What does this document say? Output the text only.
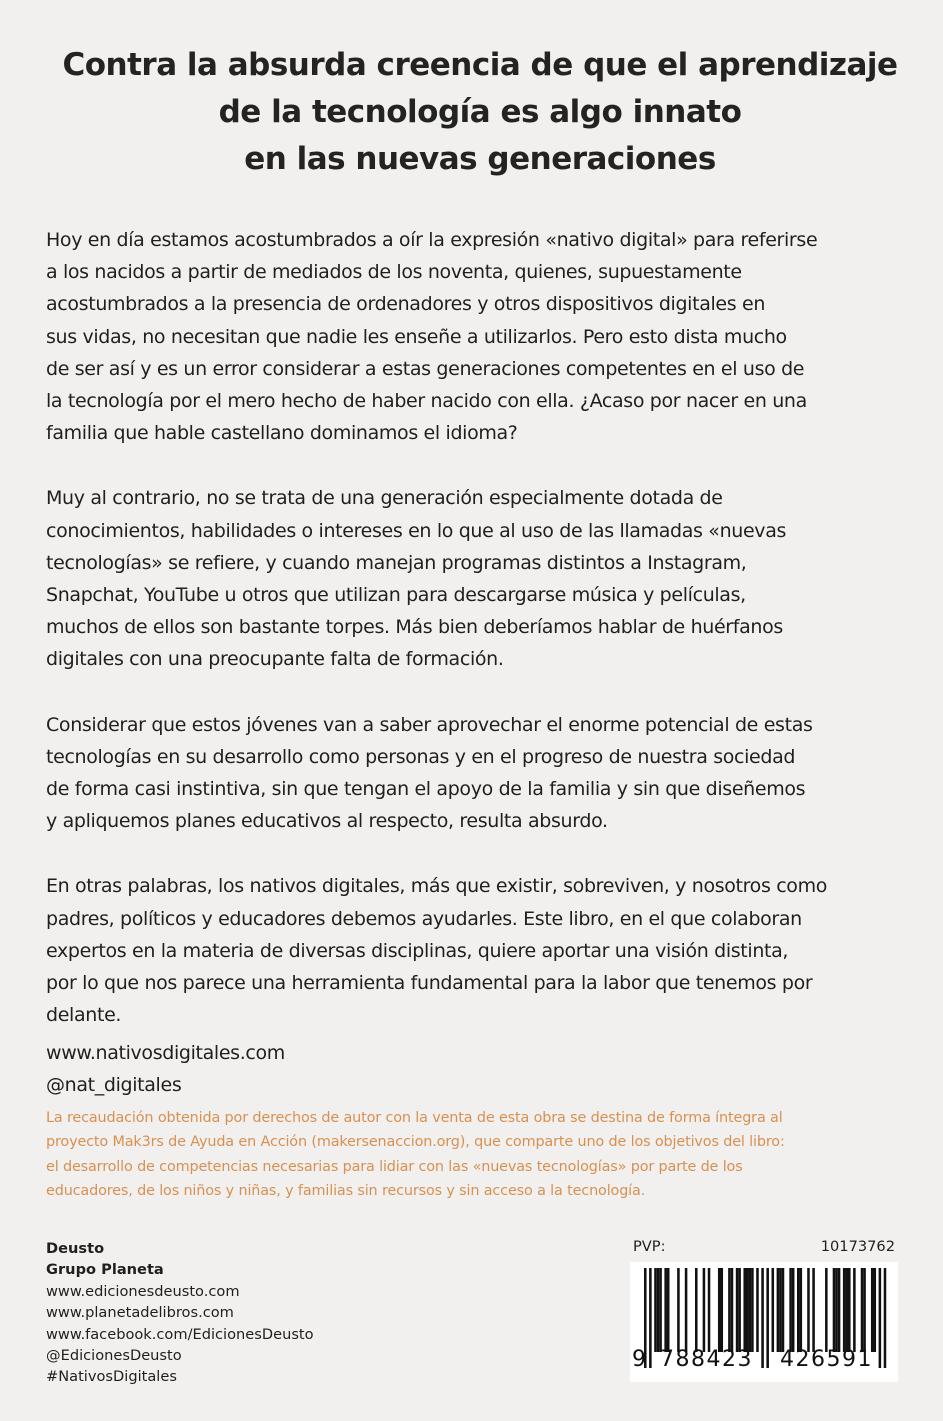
Contra la absurda creencia de que el aprendizaje
de la tecnología es algo innato
en las nuevas generaciones

Hoy en día estamos acostumbrados a oír la expresión «nativo digital» para referirse
a los nacidos a partir de mediados de los noventa, quienes, supuestamente
acostumbrados a la presencia de ordenadores y otros dispositivos digitales en
sus vidas, no necesitan que nadie les enseñe a utilizarlos. Pero esto dista mucho
de ser así y es un error considerar a estas generaciones competentes en el uso de
la tecnología por el mero hecho de haber nacido con ella. ¿Acaso por nacer en una
familia que hable castellano dominamos el idioma?

Muy al contrario, no se trata de una generación especialmente dotada de
conocimientos, habilidades o intereses en lo que al uso de las llamadas «nuevas
tecnologías» se refiere, y cuando manejan programas distintos a Instagram,
Snapchat, YouTube u otros que utilizan para descargarse música y películas,
muchos de ellos son bastante torpes. Más bien deberíamos hablar de huérfanos
digitales con una preocupante falta de formación.

Considerar que estos jóvenes van a saber aprovechar el enorme potencial de estas
tecnologías en su desarrollo como personas y en el progreso de nuestra sociedad
de forma casi instintiva, sin que tengan el apoyo de la familia y sin que diseñemos
y apliquemos planes educativos al respecto, resulta absurdo.

En otras palabras, los nativos digitales, más que existir, sobreviven, y nosotros como
padres, políticos y educadores debemos ayudarles. Este libro, en el que colaboran
expertos en la materia de diversas disciplinas, quiere aportar una visión distinta,
por lo que nos parece una herramienta fundamental para la labor que tenemos por
delante.

www.nativosdigitales.com
@nat_digitales
La recaudación obtenida por derechos de autor con la venta de esta obra se destina de forma íntegra al
proyecto Mak3rs de Ayuda en Acción (makersenaccion.org), que comparte uno de los objetivos del libro:
el desarrollo de competencias necesarias para lidiar con las «nuevas tecnologías» por parte de los
educadores, de los niños y niñas, y familias sin recursos y sin acceso a la tecnología.
Deusto
Grupo Planeta
www.edicionesdeusto.com
www.planetadelibros.com
www.facebook.com/EdicionesDeusto
@EdicionesDeusto
#NativosDigitales
PVP:	10173762
9 788423 426591
